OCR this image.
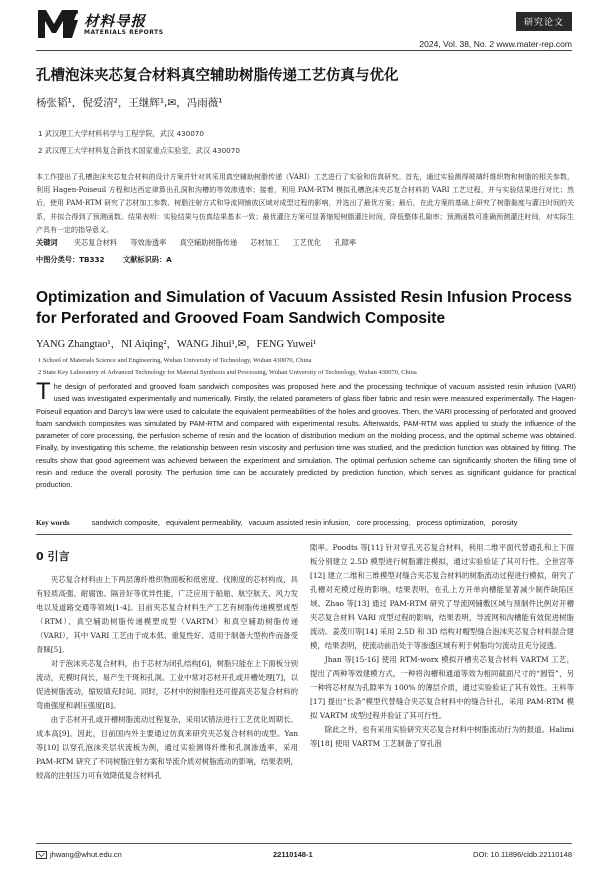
材料导报
MATERIALS REPORTS
研究论文
2024, Vol. 38, No. 2 www.mater-rep.com
孔槽泡沫夹芯复合材料真空辅助树脂传递工艺仿真与优化
杨张韬¹，倪爱清²，王继辉¹,✉，冯雨薇¹
1 武汉理工大学材料科学与工程学院，武汉 430070
2 武汉理工大学材料复合新技术国家重点实验室，武汉 430070
本工作提出了孔槽泡沫夹芯复合材料的设计方案并针对其采用真空辅助树脂传递（VARI）工艺进行了实验和仿真研究。首先，通过实验测得玻璃纤维织物和树脂的相关参数，利用 Hagen-Poiseuil 方程和达西定律算出孔洞和沟槽的等效渗透率；接着，利用 PAM-RTM 模拟孔槽泡沫夹芯复合材料的 VARI 工艺过程，并与实验结果进行对比；然后，使用 PAM-RTM 研究了芯材加工参数、树脂注射方式和导流网铺放区域对成型过程的影响，并选出了最优方案；最后，在此方案的基础上研究了树脂黏度与灌注时间的关系，并拟合得到了预测函数。结果表明：实验结果与仿真结果基本一致；最优灌注方案可显著缩短树脂灌注时间，降低整体孔隙率；预测函数可准确预测灌注时间，对实际生产具有一定的指导意义。
关键词 夹芯复合材料 等效渗透率 真空辅助树脂传递 芯材加工 工艺优化 孔隙率
中图分类号：TB332	文献标识码：A
Optimization and Simulation of Vacuum Assisted Resin Infusion Process for Perforated and Grooved Foam Sandwich Composite
YANG Zhangtao¹，NI Aiqing²，WANG Jihui¹,✉，FENG Yuwei¹
1 School of Materials Science and Engineering, Wuhan University of Technology, Wuhan 430070, China
2 State Key Laboratory of Advanced Technology for Material Synthesis and Processing, Wuhan University of Technology, Wuhan 430070, China
The design of perforated and grooved foam sandwich composites was proposed here and the processing technique of vacuum assisted resin infusion (VARI) used was investigated experimentally and numerically. Firstly, the related parameters of glass fiber fabric and resin were measured experimentally. The Hagen-Poiseuil equation and Darcy's law were used to calculate the equivalent permeabilities of the holes and grooves. Then, the VARI processing of perforated and grooved foam sandwich composites was simulated by PAM-RTM and compared with experimental results. Afterwards, PAM-RTM was applied to study the influence of the parameter of core processing, the perfusion scheme of resin and the location of distribution medium on the molding process, and the optimal scheme was obtained. Finally, by investigating this scheme, the relationship between resin viscosity and perfusion time was studied, and the prediction function was obtained by fitting. The results show that good agreement was achieved between the experiment and simulation. The optimal perfusion scheme can significantly shorten the filling time of resin and reduce the overall porosity. The perfusion time can be accurately predicted by prediction function, which serves as significant guidance for practical production.
Key words	sandwich composite, equivalent permeability, vacuum assisted resin infusion, core processing, process optimization, porosity
0 引言

夹芯复合材料由上下两层薄纤维织物面板和低密度、伐刚度的芯材构成，具有轻质高强、耐腐蚀、隔音好等优异性能，广泛应用于船舶、航空航天、风力发电以及道路交通等领域[1-4]。目前夹芯复合材料生产工艺有树脂传递模塑成型（RTM）、真空辅助树脂传递模塑成型（VARTM）和真空辅助树脂传递（VARI），其中 VARI 工艺由于成本低、重复性好、适用于制备大型构件而备受青睐[5]。

对于泡沫夹芯复合材料，由于芯材为闭孔结构[6]，树脂只能在上下面板分别流动，充模时间长，易产生干斑和孔洞。工业中常对芯材开孔或开槽处理[7]，以促进树脂流动，缩短填充时间。同时，芯材中的树脂柱还可提高夹芯复合材料的弯曲强度和剥压强度[8]。

由于芯材开孔或开槽树脂流动过程复杂，采用试错法进行工艺优化周期长、成本高[9]。因此，目前国内外主要通过仿真来研究夹芯复合材料的成型。Yan 等[10] 以穿孔泡沫夹层状流板为例，通过实验测得纤维和孔洞渗透率，采用 PAM-RTM 研究了不同树脂注射方案和导流介质对树脂流动的影响，结果表明，较高的注射压力可有效降低复合材料孔

隙率。Poodts 等[11] 针对穿孔夹芯复合材料，利用二维平面代替通孔和上下面板分别建立 2.5D 模型进行树脂灌注模拟，通过实验验证了其可行性。仝世宫等[12] 建立二维和三维模型对缝合夹芯复合材料的树脂流动过程进行模拟，研究了孔槽对充模过程的影响，结果表明，在孔上方开单向槽能显著减少制件缺陷区域。Zhao 等[13] 通过 PAM-RTM 研究了导流网铺敷区域与预制件比例对开槽夹芯复合材料 VARI 成型过程的影响，结果表明，导流网和沟槽能有效促进树脂流动。姜茂川等[14] 采用 2.5D 和 3D 结构对帽型缝合泡沫夹芯复合材料混合建模，结果表明，使流动前沿处于等渗透区域有利于树脂均匀流动且充分浸透。

Jhan 等[15-16] 使用 RTM-worx 模拟开槽夹芯复合材料 VARTM 工艺，提出了两种等效建模方式，一种将沟槽和通道等效为相同截面尺寸的“圆管”，另一种将芯材视为孔隙率为 100% 的薄层介质，通过实验验证了其有效性。王科等[17] 提出“长条”模型代替缝合夹芯复合材料中的缝合针孔，采用 PAM-RTM 模拟 VARTM 成型过程并验证了其可行性。

除此之外，也有采用实验研究夹芯复合材料中树脂流动行为的报道。Halimi 等[18] 使用 VARTM 工艺制备了穿孔泡

jhwang@whut.edu.cn	22110148-1	DOI: 10.11896/cldb.22110148
